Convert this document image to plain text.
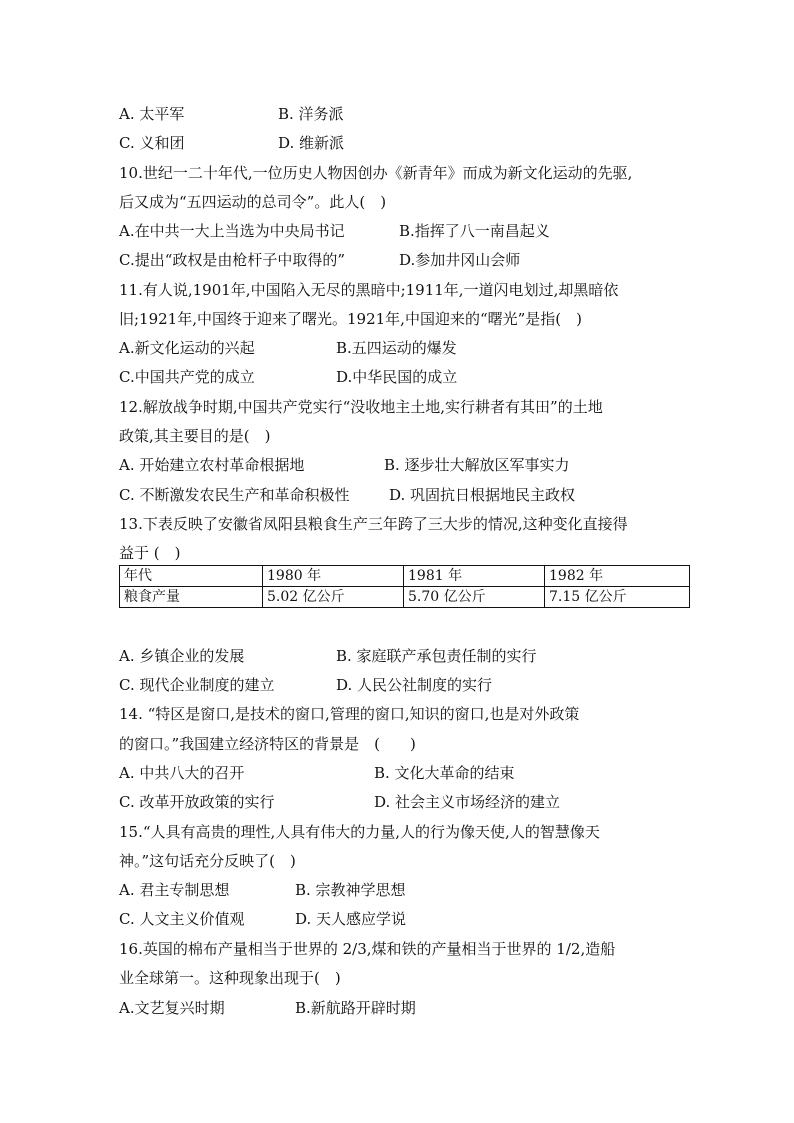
A. 太平军	B. 洋务派
C. 义和团	D. 维新派
10.世纪一二十年代,一位历史人物因创办《新青年》而成为新文化运动的先驱,
后又成为“五四运动的总司令”。此人(　)
A.在中共一大上当选为中央局书记	B.指挥了八一南昌起义
C.提出“政权是由枪杆子中取得的”	D.参加井冈山会师
11.有人说,1901年,中国陷入无尽的黑暗中;1911年,一道闪电划过,却黑暗依
旧;1921年,中国终于迎来了曙光。1921年,中国迎来的“曙光”是指(　)
A.新文化运动的兴起	B.五四运动的爆发
C.中国共产党的成立	D.中华民国的成立
12.解放战争时期,中国共产党实行“没收地主土地,实行耕者有其田”的土地
政策,其主要目的是(　)
A. 开始建立农村革命根据地	B. 逐步壮大解放区军事实力
C. 不断激发农民生产和革命积极性	D. 巩固抗日根据地民主政权
13.下表反映了安徽省凤阳县粮食生产三年跨了三大步的情况,这种变化直接得
益于 (　)
年代	1980 年	1981 年	1982 年
粮食产量	5.02 亿公斤	5.70 亿公斤	7.15 亿公斤
A. 乡镇企业的发展	B. 家庭联产承包责任制的实行
C. 现代企业制度的建立	D. 人民公社制度的实行
14. “特区是窗口,是技术的窗口,管理的窗口,知识的窗口,也是对外政策
的窗口。”我国建立经济特区的背景是　(　　)
A. 中共八大的召开	B. 文化大革命的结束
C. 改革开放政策的实行	D. 社会主义市场经济的建立
15.“人具有高贵的理性,人具有伟大的力量,人的行为像天使,人的智慧像天
神。”这句话充分反映了(　)
A. 君主专制思想	B. 宗教神学思想
C. 人文主义价值观	D. 天人感应学说
16.英国的棉布产量相当于世界的 2/3,煤和铁的产量相当于世界的 1/2,造船
业全球第一。这种现象出现于(　)
A.文艺复兴时期	B.新航路开辟时期
